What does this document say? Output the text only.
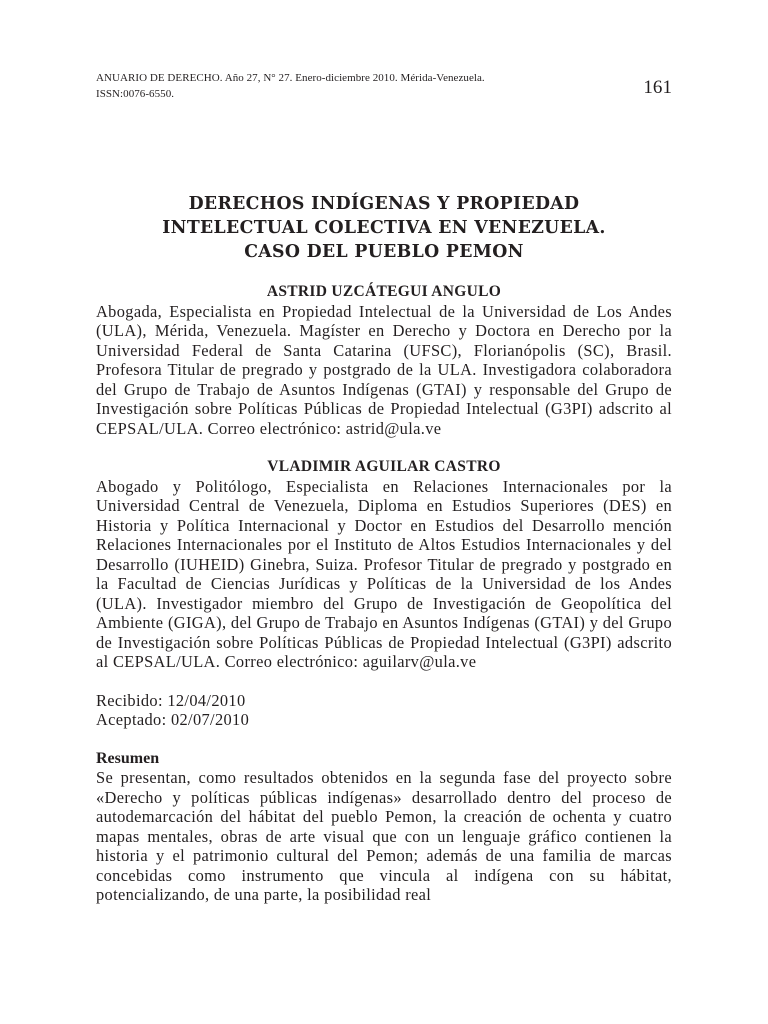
ANUARIO DE DERECHO. Año 27, N° 27. Enero-diciembre 2010. Mérida-Venezuela.
ISSN:0076-6550.	161
DERECHOS INDÍGENAS Y PROPIEDAD
INTELECTUAL COLECTIVA EN VENEZUELA.
CASO DEL PUEBLO PEMON
ASTRID UZCÁTEGUI ANGULO
Abogada, Especialista en Propiedad Intelectual de la Universidad de Los Andes (ULA), Mérida, Venezuela. Magíster en Derecho y Doctora en Derecho por la Universidad Federal de Santa Catarina (UFSC), Florianópolis (SC), Brasil. Profesora Titular de pregrado y postgrado de la ULA. Investigadora colaboradora del Grupo de Trabajo de Asuntos Indígenas (GTAI) y responsable del Grupo de Investigación sobre Políticas Públicas de Propiedad Intelectual (G3PI) adscrito al CEPSAL/ULA. Correo electrónico: astrid@ula.ve
VLADIMIR AGUILAR CASTRO
Abogado y Politólogo, Especialista en Relaciones Internacionales por la Universidad Central de Venezuela, Diploma en Estudios Superiores (DES) en Historia y Política Internacional y Doctor en Estudios del Desarrollo mención Relaciones Internacionales por el Instituto de Altos Estudios Internacionales y del Desarrollo (IUHEID) Ginebra, Suiza. Profesor Titular de pregrado y postgrado en la Facultad de Ciencias Jurídicas y Políticas de la Universidad de los Andes (ULA). Investigador miembro del Grupo de Investigación de Geopolítica del Ambiente (GIGA), del Grupo de Trabajo en Asuntos Indígenas (GTAI) y del Grupo de Investigación sobre Políticas Públicas de Propiedad Intelectual (G3PI) adscrito al CEPSAL/ULA. Correo electrónico: aguilarv@ula.ve
Recibido: 12/04/2010
Aceptado: 02/07/2010
Resumen
Se presentan, como resultados obtenidos en la segunda fase del proyecto sobre «Derecho y políticas públicas indígenas» desarrollado dentro del proceso de autodemarcación del hábitat del pueblo Pemon, la creación de ochenta y cuatro mapas mentales, obras de arte visual que con un lenguaje gráfico contienen la historia y el patrimonio cultural del Pemon; además de una familia de marcas concebidas como instrumento que vincula al indígena con su hábitat, potencializando, de una parte, la posibilidad real
